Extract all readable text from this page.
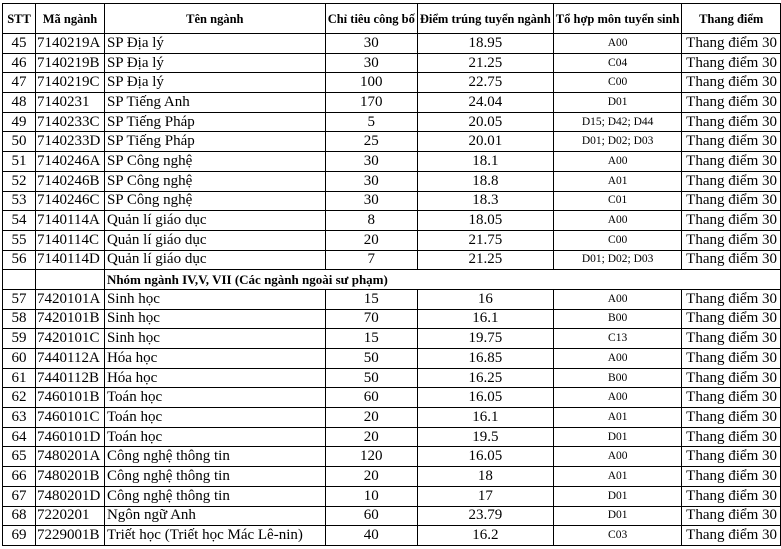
STT	Mã ngành	Tên ngành	Chỉ tiêu công bố	Điểm trúng tuyển ngành	Tổ hợp môn tuyển sinh	Thang điểm
45	7140219A	SP Địa lý	30	18.95	A00	Thang điểm 30
46	7140219B	SP Địa lý	30	21.25	C04	Thang điểm 30
47	7140219C	SP Địa lý	100	22.75	C00	Thang điểm 30
48	7140231	SP Tiếng Anh	170	24.04	D01	Thang điểm 30
49	7140233C	SP Tiếng Pháp	5	20.05	D15; D42; D44	Thang điểm 30
50	7140233D	SP Tiếng Pháp	25	20.01	D01; D02; D03	Thang điểm 30
51	7140246A	SP Công nghệ	30	18.1	A00	Thang điểm 30
52	7140246B	SP Công nghệ	30	18.8	A01	Thang điểm 30
53	7140246C	SP Công nghệ	30	18.3	C01	Thang điểm 30
54	7140114A	Quản lí giáo dục	8	18.05	A00	Thang điểm 30
55	7140114C	Quản lí giáo dục	20	21.75	C00	Thang điểm 30
56	7140114D	Quản lí giáo dục	7	21.25	D01; D02; D03	Thang điểm 30
		Nhóm ngành IV,V, VII (Các ngành ngoài sư phạm)				
57	7420101A	Sinh học	15	16	A00	Thang điểm 30
58	7420101B	Sinh học	70	16.1	B00	Thang điểm 30
59	7420101C	Sinh học	15	19.75	C13	Thang điểm 30
60	7440112A	Hóa học	50	16.85	A00	Thang điểm 30
61	7440112B	Hóa học	50	16.25	B00	Thang điểm 30
62	7460101B	Toán học	60	16.05	A00	Thang điểm 30
63	7460101C	Toán học	20	16.1	A01	Thang điểm 30
64	7460101D	Toán học	20	19.5	D01	Thang điểm 30
65	7480201A	Công nghệ thông tin	120	16.05	A00	Thang điểm 30
66	7480201B	Công nghệ thông tin	20	18	A01	Thang điểm 30
67	7480201D	Công nghệ thông tin	10	17	D01	Thang điểm 30
68	7220201	Ngôn ngữ Anh	60	23.79	D01	Thang điểm 30
69	7229001B	Triết học (Triết học Mác Lê-nin)	40	16.2	C03	Thang điểm 30
